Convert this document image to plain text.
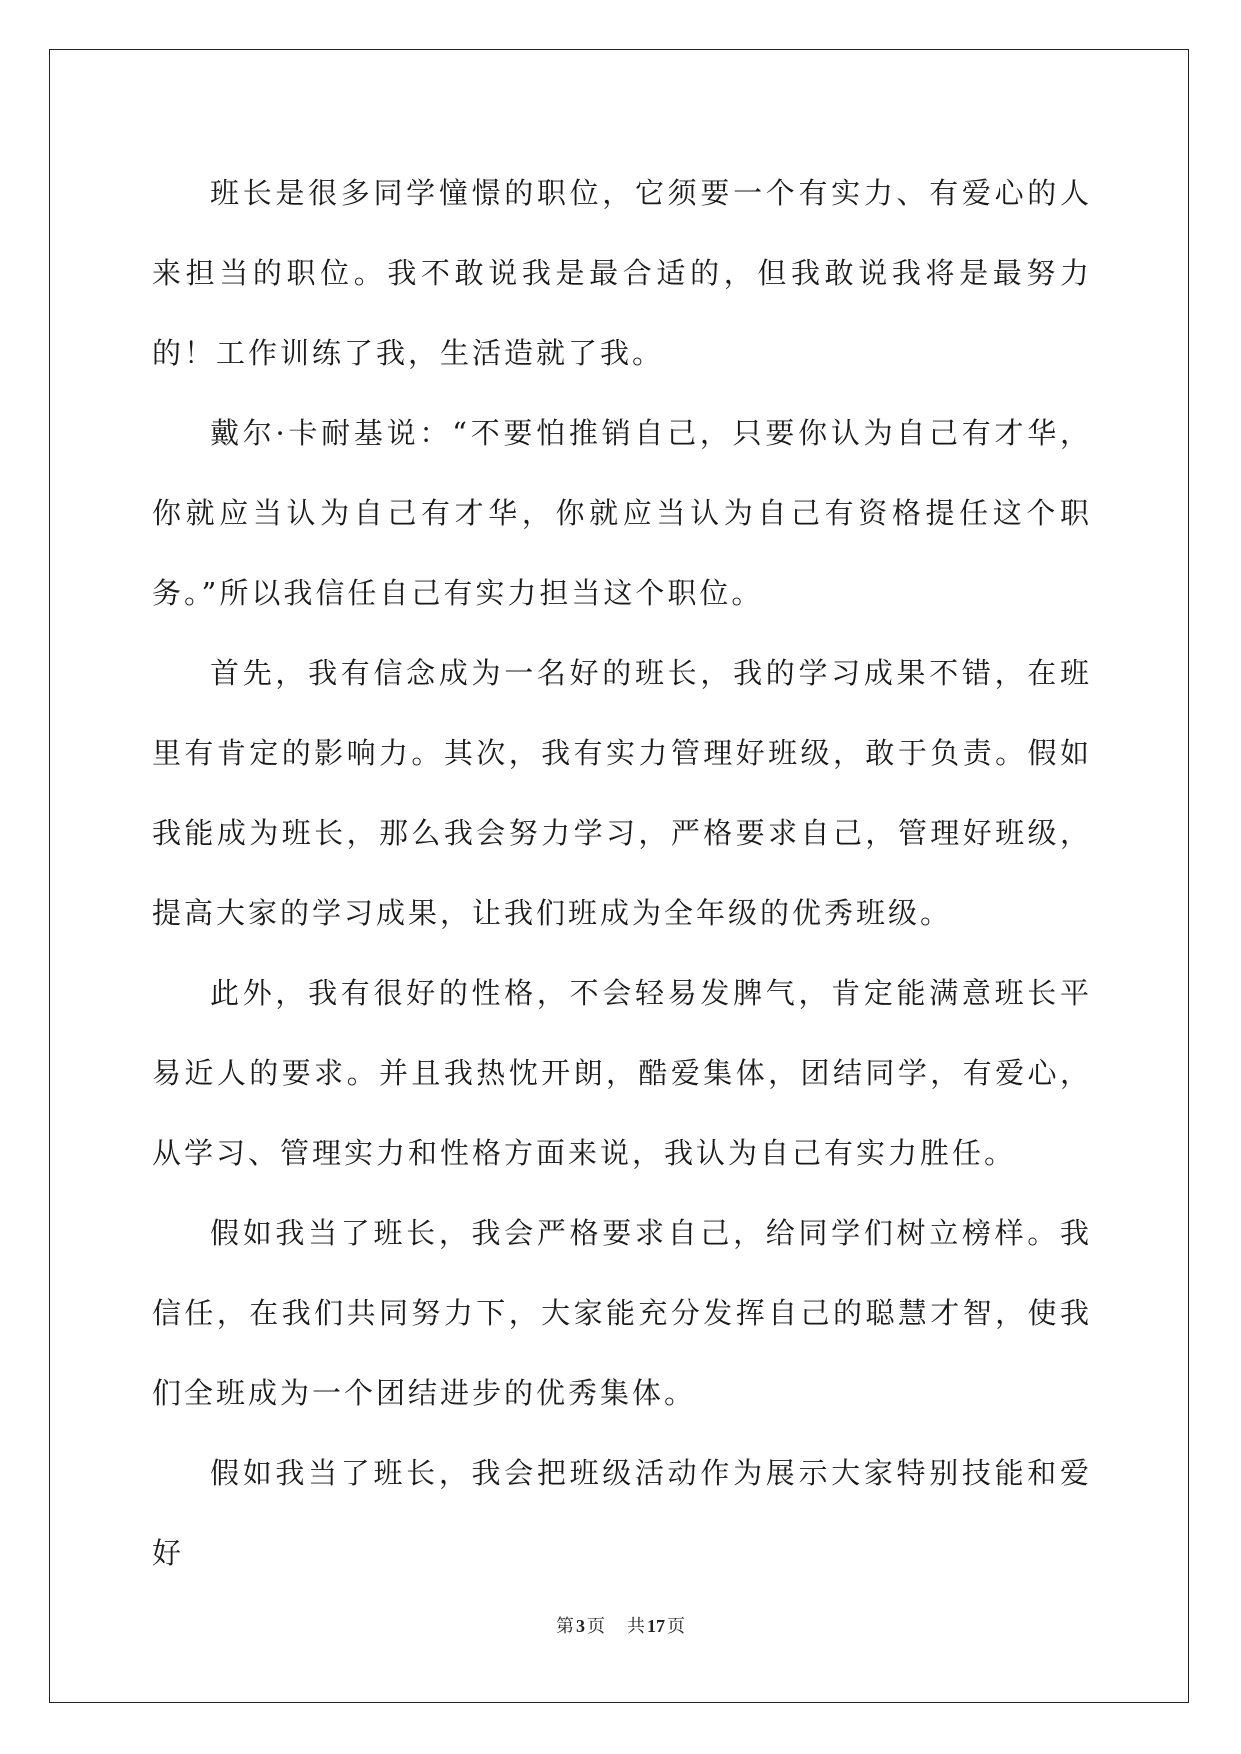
班长是很多同学憧憬的职位，它须要一个有实力、有爱心的人来担当的职位。我不敢说我是最合适的，但我敢说我将是最努力的！工作训练了我，生活造就了我。

戴尔·卡耐基说：“不要怕推销自己，只要你认为自己有才华，你就应当认为自己有才华，你就应当认为自己有资格提任这个职务。”所以我信任自己有实力担当这个职位。

首先，我有信念成为一名好的班长，我的学习成果不错，在班里有肯定的影响力。其次，我有实力管理好班级，敢于负责。假如我能成为班长，那么我会努力学习，严格要求自己，管理好班级，提高大家的学习成果，让我们班成为全年级的优秀班级。

此外，我有很好的性格，不会轻易发脾气，肯定能满意班长平易近人的要求。并且我热忱开朗，酷爱集体，团结同学，有爱心，从学习、管理实力和性格方面来说，我认为自己有实力胜任。

假如我当了班长，我会严格要求自己，给同学们树立榜样。我信任，在我们共同努力下，大家能充分发挥自己的聪慧才智，使我们全班成为一个团结进步的优秀集体。

假如我当了班长，我会把班级活动作为展示大家特别技能和爱好

第 3 页 共 17 页
